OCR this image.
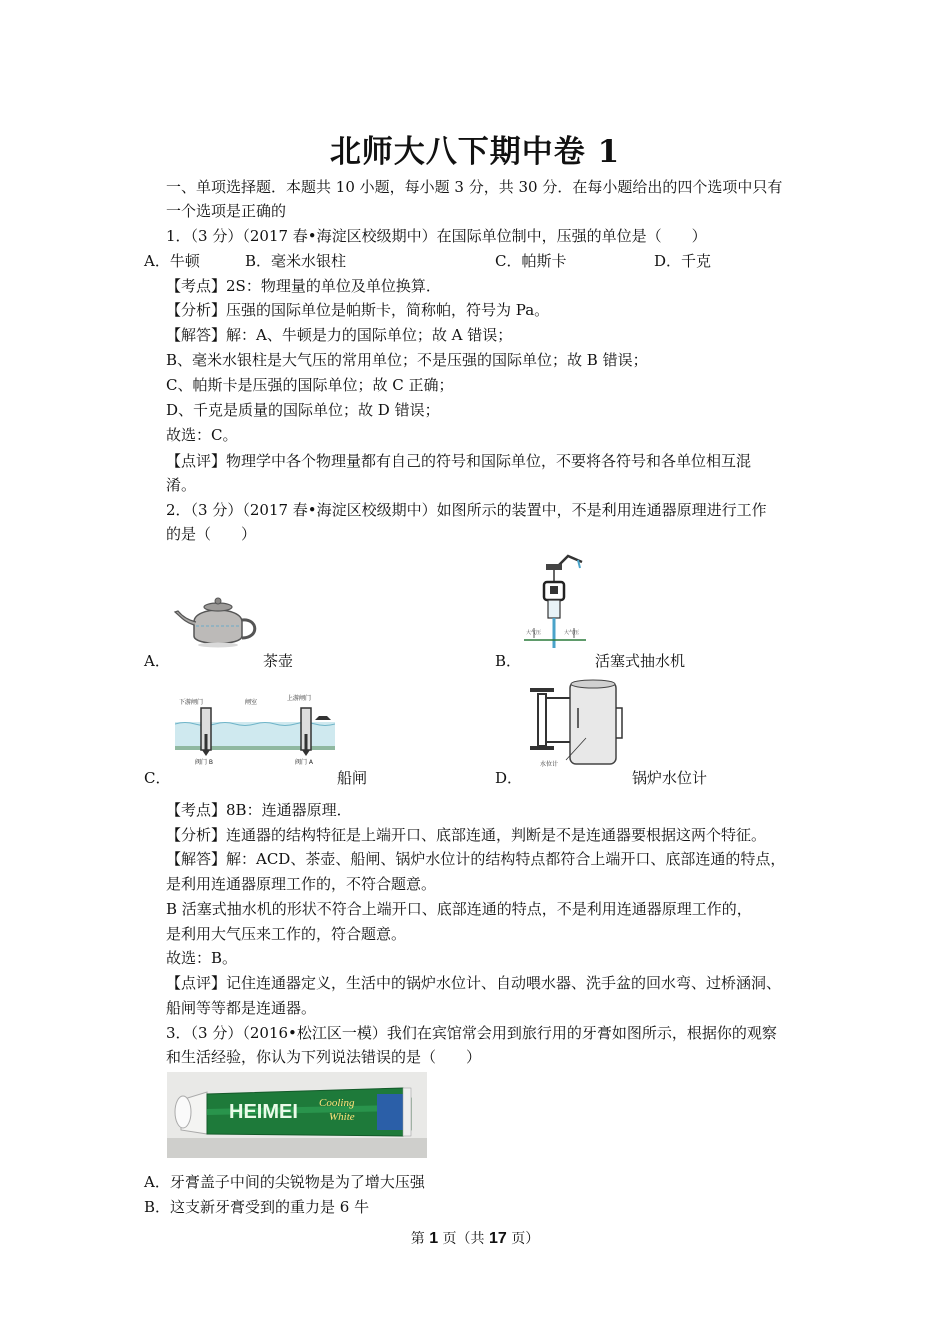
北师大八下期中卷 1
一、单项选择题．本题共 10 小题，每小题 3 分，共 30 分．在每小题给出的四个选项中只有
一个选项是正确的
1．（3 分）（2017 春•海淀区校级期中）在国际单位制中，压强的单位是（　　）
A．牛顿	B．毫米水银柱	C．帕斯卡	D．千克
【考点】2S：物理量的单位及单位换算．
【分析】压强的国际单位是帕斯卡，简称帕，符号为 Pa。
【解答】解：A、牛顿是力的国际单位；故 A 错误；
B、毫米水银柱是大气压的常用单位；不是压强的国际单位；故 B 错误；
C、帕斯卡是压强的国际单位；故 C 正确；
D、千克是质量的国际单位；故 D 错误；
故选：C。
【点评】物理学中各个物理量都有自己的符号和国际单位，不要将各符号和各单位相互混
淆。
2．（3 分）（2017 春•海淀区校级期中）如图所示的装置中，不是利用连通器原理进行工作
的是（　　）
A．	茶壶
大气压	大气压
B．	活塞式抽水机
下游闸门	闸室
上游闸门
阀门 B	阀门 A
C．	船闸
水位计
D．	锅炉水位计
【考点】8B：连通器原理．
【分析】连通器的结构特征是上端开口、底部连通，判断是不是连通器要根据这两个特征。
【解答】解：ACD、茶壶、船闸、锅炉水位计的结构特点都符合上端开口、底部连通的特点，
是利用连通器原理工作的，不符合题意。
B 活塞式抽水机的形状不符合上端开口、底部连通的特点，不是利用连通器原理工作的，
是利用大气压来工作的，符合题意。
故选：B。
【点评】记住连通器定义，生活中的锅炉水位计、自动喂水器、洗手盆的回水弯、过桥涵洞、
船闸等等都是连通器。
3．（3 分）（2016•松江区一模）我们在宾馆常会用到旅行用的牙膏如图所示，根据你的观察
和生活经验，你认为下列说法错误的是（　　）
HEIMEI Cooling
White
A．牙膏盖子中间的尖锐物是为了增大压强
B．这支新牙膏受到的重力是 6 牛
第 1 页（共 17 页）
